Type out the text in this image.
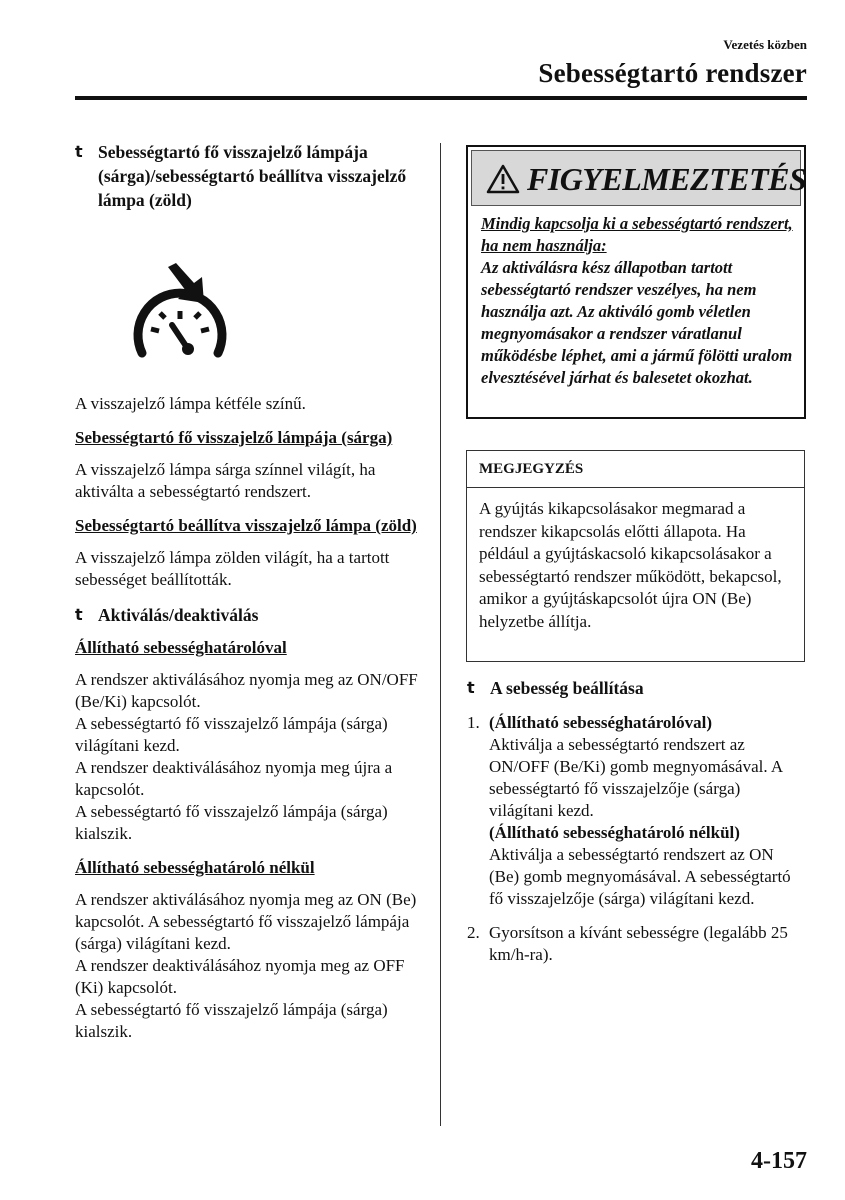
Vezetés közben
Sebességtartó rendszer
t Sebességtartó fő visszajelző lámpája (sárga)/sebességtartó beállítva visszajelző lámpa (zöld)

A visszajelző lámpa kétféle színű.

Sebességtartó fő visszajelző lámpája (sárga)

A visszajelző lámpa sárga színnel világít, ha aktiválta a sebességtartó rendszert.

Sebességtartó beállítva visszajelző lámpa (zöld)

A visszajelző lámpa zölden világít, ha a tartott sebességet beállították.

t Aktiválás/deaktiválás

Állítható sebességhatárolóval

A rendszer aktiválásához nyomja meg az ON/OFF (Be/Ki) kapcsolót.

A sebességtartó fő visszajelző lámpája (sárga) világítani kezd.

A rendszer deaktiválásához nyomja meg újra a kapcsolót.

A sebességtartó fő visszajelző lámpája (sárga) kialszik.

Állítható sebességhatároló nélkül

A rendszer aktiválásához nyomja meg az ON (Be) kapcsolót. A sebességtartó fő visszajelző lámpája (sárga) világítani kezd.

A rendszer deaktiválásához nyomja meg az OFF (Ki) kapcsolót.

A sebességtartó fő visszajelző lámpája (sárga) kialszik.

FIGYELMEZTETÉS

Mindig kapcsolja ki a sebességtartó rendszert, ha nem használja:

Az aktiválásra kész állapotban tartott sebességtartó rendszer veszélyes, ha nem használja azt. Az aktiváló gomb véletlen megnyomásakor a rendszer váratlanul működésbe léphet, ami a jármű fölötti uralom elvesztésével járhat és balesetet okozhat.

MEGJEGYZÉS
A gyújtás kikapcsolásakor megmarad a rendszer kikapcsolás előtti állapota. Ha például a gyújtáskacsoló kikapcsolásakor a sebességtartó rendszer működött, bekapcsol, amikor a gyújtáskapcsolót újra ON (Be) helyzetbe állítja.
t A sebesség beállítása
1. (Állítható sebességhatárolóval)

Aktiválja a sebességtartó rendszert az ON/OFF (Be/Ki) gomb megnyomásával. A sebességtartó fő visszajelzője (sárga) világítani kezd.

(Állítható sebességhatároló nélkül)

Aktiválja a sebességtartó rendszert az ON (Be) gomb megnyomásával. A sebességtartó fő visszajelzője (sárga) világítani kezd.

2. Gyorsítson a kívánt sebességre (legalább 25 km/h-ra).

4-157
